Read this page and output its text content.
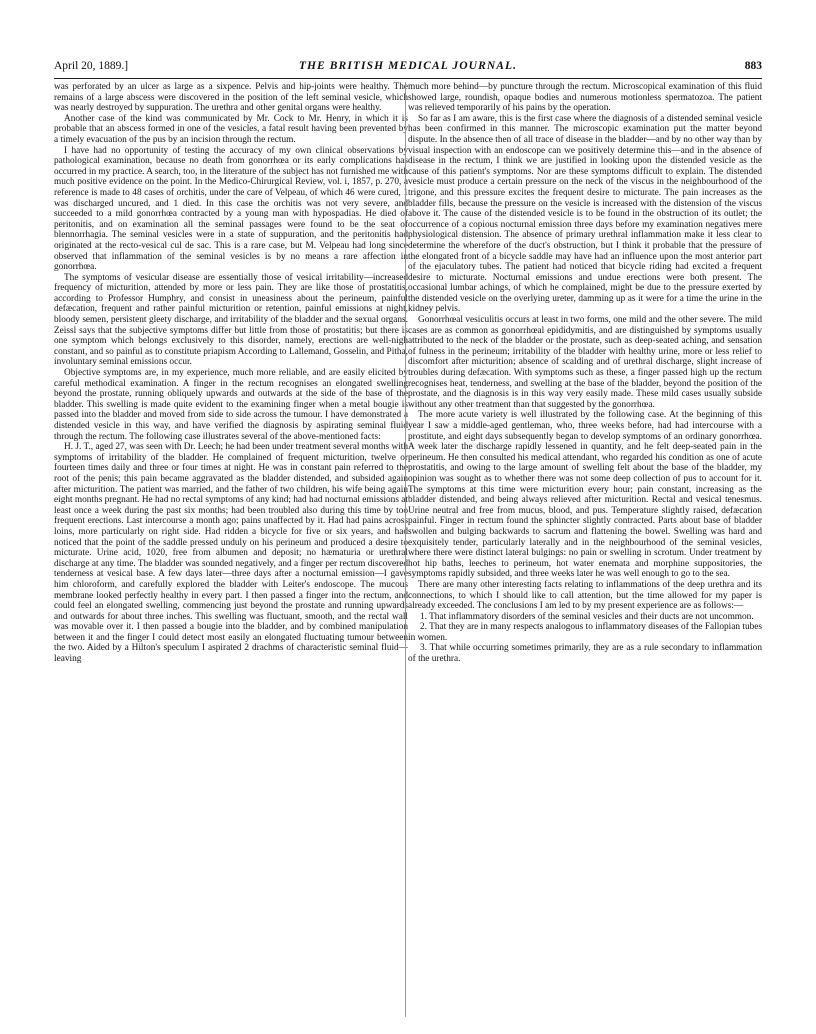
April 20, 1889.]	THE BRITISH MEDICAL JOURNAL.	883

was perforated by an ulcer as large as a sixpence. Pelvis and hip-joints were healthy. The remains of a large abscess were discovered in the position of the left seminal vesicle, which was nearly destroyed by suppuration. The urethra and other genital organs were healthy.

Another case of the kind was communicated by Mr. Cock to Mr. Henry, in which it is probable that an abscess formed in one of the vesicles, a fatal result having been prevented by a timely evacuation of the pus by an incision through the rectum.

I have had no opportunity of testing the accuracy of my own clinical observations by pathological examination, because no death from gonorrhœa or its early complications has occurred in my practice. A search, too, in the literature of the subject has not furnished me with much positive evidence on the point. In the Medico-Chirurgical Review, vol. i, 1857, p. 270, a reference is made to 48 cases of orchitis, under the care of Velpeau, of which 46 were cured, 1 was discharged uncured, and 1 died. In this case the orchitis was not very severe, and succeeded to a mild gonorrhœa contracted by a young man with hypospadias. He died of peritonitis, and on examination all the seminal passages were found to be the seat of blennorrhagia. The seminal vesicles were in a state of suppuration, and the peritonitis had originated at the recto-vesical cul de sac. This is a rare case, but M. Velpeau had long since observed that inflammation of the seminal vesicles is by no means a rare affection in gonorrhœa.

The symptoms of vesicular disease are essentially those of vesical irritability—increased frequency of micturition, attended by more or less pain. They are like those of prostatitis, according to Professor Humphry, and consist in uneasiness about the perineum, painful defæcation, frequent and rather painful micturition or retention, painful emissions at night, bloody semen, persistent gleety discharge, and irritability of the bladder and the sexual organs. Zeissl says that the subjective symptoms differ but little from those of prostatitis; but there is one symptom which belongs exclusively to this disorder, namely, erections are well-nigh constant, and so painful as to constitute priapism According to Lallemand, Gosselin, and Pitha, involuntary seminal emissions occur.

Objective symptoms are, in my experience, much more reliable, and are easily elicited by careful methodical examination. A finger in the rectum recognises an elongated swelling beyond the prostate, running obliquely upwards and outwards at the side of the base of the bladder. This swelling is made quite evident to the examining finger when a metal bougie is passed into the bladder and moved from side to side across the tumour. I have demonstrated a distended vesicle in this way, and have verified the diagnosis by aspirating seminal fluid through the rectum. The following case illustrates several of the above-mentioned facts:

H. J. T., aged 27, was seen with Dr. Leech; he had been under treatment several months with symptoms of irritability of the bladder. He complained of frequent micturition, twelve or fourteen times daily and three or four times at night. He was in constant pain referred to the root of the penis; this pain became aggravated as the bladder distended, and subsided again after micturition. The patient was married, and the father of two children, his wife being again eight months pregnant. He had no rectal symptoms of any kind; had had nocturnal emissions at least once a week during the past six months; had been troubled also during this time by too frequent erections. Last intercourse a month ago; pains unaffected by it. Had had pains across loins, more particularly on right side. Had ridden a bicycle for five or six years, and had noticed that the point of the saddle pressed unduly on his perineum and produced a desire to micturate. Urine acid, 1020, free from albumen and deposit; no hæmaturia or urethral discharge at any time. The bladder was sounded negatively, and a finger per rectum discovered tenderness at vesical base. A few days later—three days after a nocturnal emission—I gave him chloroform, and carefully explored the bladder with Leiter's endoscope. The mucous membrane looked perfectly healthy in every part. I then passed a finger into the rectum, and could feel an elongated swelling, commencing just beyond the prostate and running upwards and outwards for about three inches. This swelling was fluctuant, smooth, and the rectal wall was movable over it. I then passed a bougie into the bladder, and by combined manipulation between it and the finger I could detect most easily an elongated fluctuating tumour between the two. Aided by a Hilton's speculum I aspirated 2 drachms of characteristic seminal fluid—leaving

much more behind—by puncture through the rectum. Microscopical examination of this fluid showed large, roundish, opaque bodies and numerous motionless spermatozoa. The patient was relieved temporarily of his pains by the operation.

So far as I am aware, this is the first case where the diagnosis of a distended seminal vesicle has been confirmed in this manner. The microscopic examination put the matter beyond dispute. In the absence then of all trace of disease in the bladder—and by no other way than by visual inspection with an endoscope can we positively determine this—and in the absence of disease in the rectum, I think we are justified in looking upon the distended vesicle as the cause of this patient's symptoms. Nor are these symptoms difficult to explain. The distended vesicle must produce a certain pressure on the neck of the viscus in the neighbourhood of the trigone, and this pressure excites the frequent desire to micturate. The pain increases as the bladder fills, because the pressure on the vesicle is increased with the distension of the viscus above it. The cause of the distended vesicle is to be found in the obstruction of its outlet; the occurrence of a copious nocturnal emission three days before my examination negatives mere physiological distension. The absence of primary urethral inflammation make it less clear to determine the wherefore of the duct's obstruction, but I think it probable that the pressure of the elongated front of a bicycle saddle may have had an influence upon the most anterior part of the ejaculatory tubes. The patient had noticed that bicycle riding had excited a frequent desire to micturate. Nocturnal emissions and undue erections were both present. The occasional lumbar achings, of which he complained, might be due to the pressure exerted by the distended vesicle on the overlying ureter, damming up as it were for a time the urine in the kidney pelvis.

Gonorrhœal vesiculitis occurs at least in two forms, one mild and the other severe. The mild cases are as common as gonorrhœal epididymitis, and are distinguished by symptoms usually attributed to the neck of the bladder or the prostate, such as deep-seated aching, and sensation of fulness in the perineum; irritability of the bladder with healthy urine, more or less relief to discomfort after micturition; absence of scalding and of urethral discharge, slight increase of troubles during defæcation. With symptoms such as these, a finger passed high up the rectum recognises heat, tenderness, and swelling at the base of the bladder, beyond the position of the prostate, and the diagnosis is in this way very easily made. These mild cases usually subside without any other treatment than that suggested by the gonorrhœa.

The more acute variety is well illustrated by the following case. At the beginning of this year I saw a middle-aged gentleman, who, three weeks before, had had intercourse with a prostitute, and eight days subsequently began to develop symptoms of an ordinary gonorrhœa. A week later the discharge rapidly lessened in quantity, and he felt deep-seated pain in the perineum. He then consulted his medical attendant, who regarded his condition as one of acute prostatitis, and owing to the large amount of swelling felt about the base of the bladder, my opinion was sought as to whether there was not some deep collection of pus to account for it. The symptoms at this time were micturition every hour; pain constant, increasing as the bladder distended, and being always relieved after micturition. Rectal and vesical tenesmus. Urine neutral and free from mucus, blood, and pus. Temperature slightly raised, defæcation painful. Finger in rectum found the sphincter slightly contracted. Parts about base of bladder swollen and bulging backwards to sacrum and flattening the bowel. Swelling was hard and exquisitely tender, particularly laterally and in the neighbourhood of the seminal vesicles, where there were distinct lateral bulgings: no pain or swelling in scrotum. Under treatment by hot hip baths, leeches to perineum, hot water enemata and morphine suppositories, the symptoms rapidly subsided, and three weeks later he was well enough to go to the sea.

There are many other interesting facts relating to inflammations of the deep urethra and its connections, to which I should like to call attention, but the time allowed for my paper is already exceeded. The conclusions I am led to by my present experience are as follows:—

1. That inflammatory disorders of the seminal vesicles and their ducts are not uncommon.

2. That they are in many respects analogous to inflammatory diseases of the Fallopian tubes in women.

3. That while occurring sometimes primarily, they are as a rule secondary to inflammation of the urethra.
